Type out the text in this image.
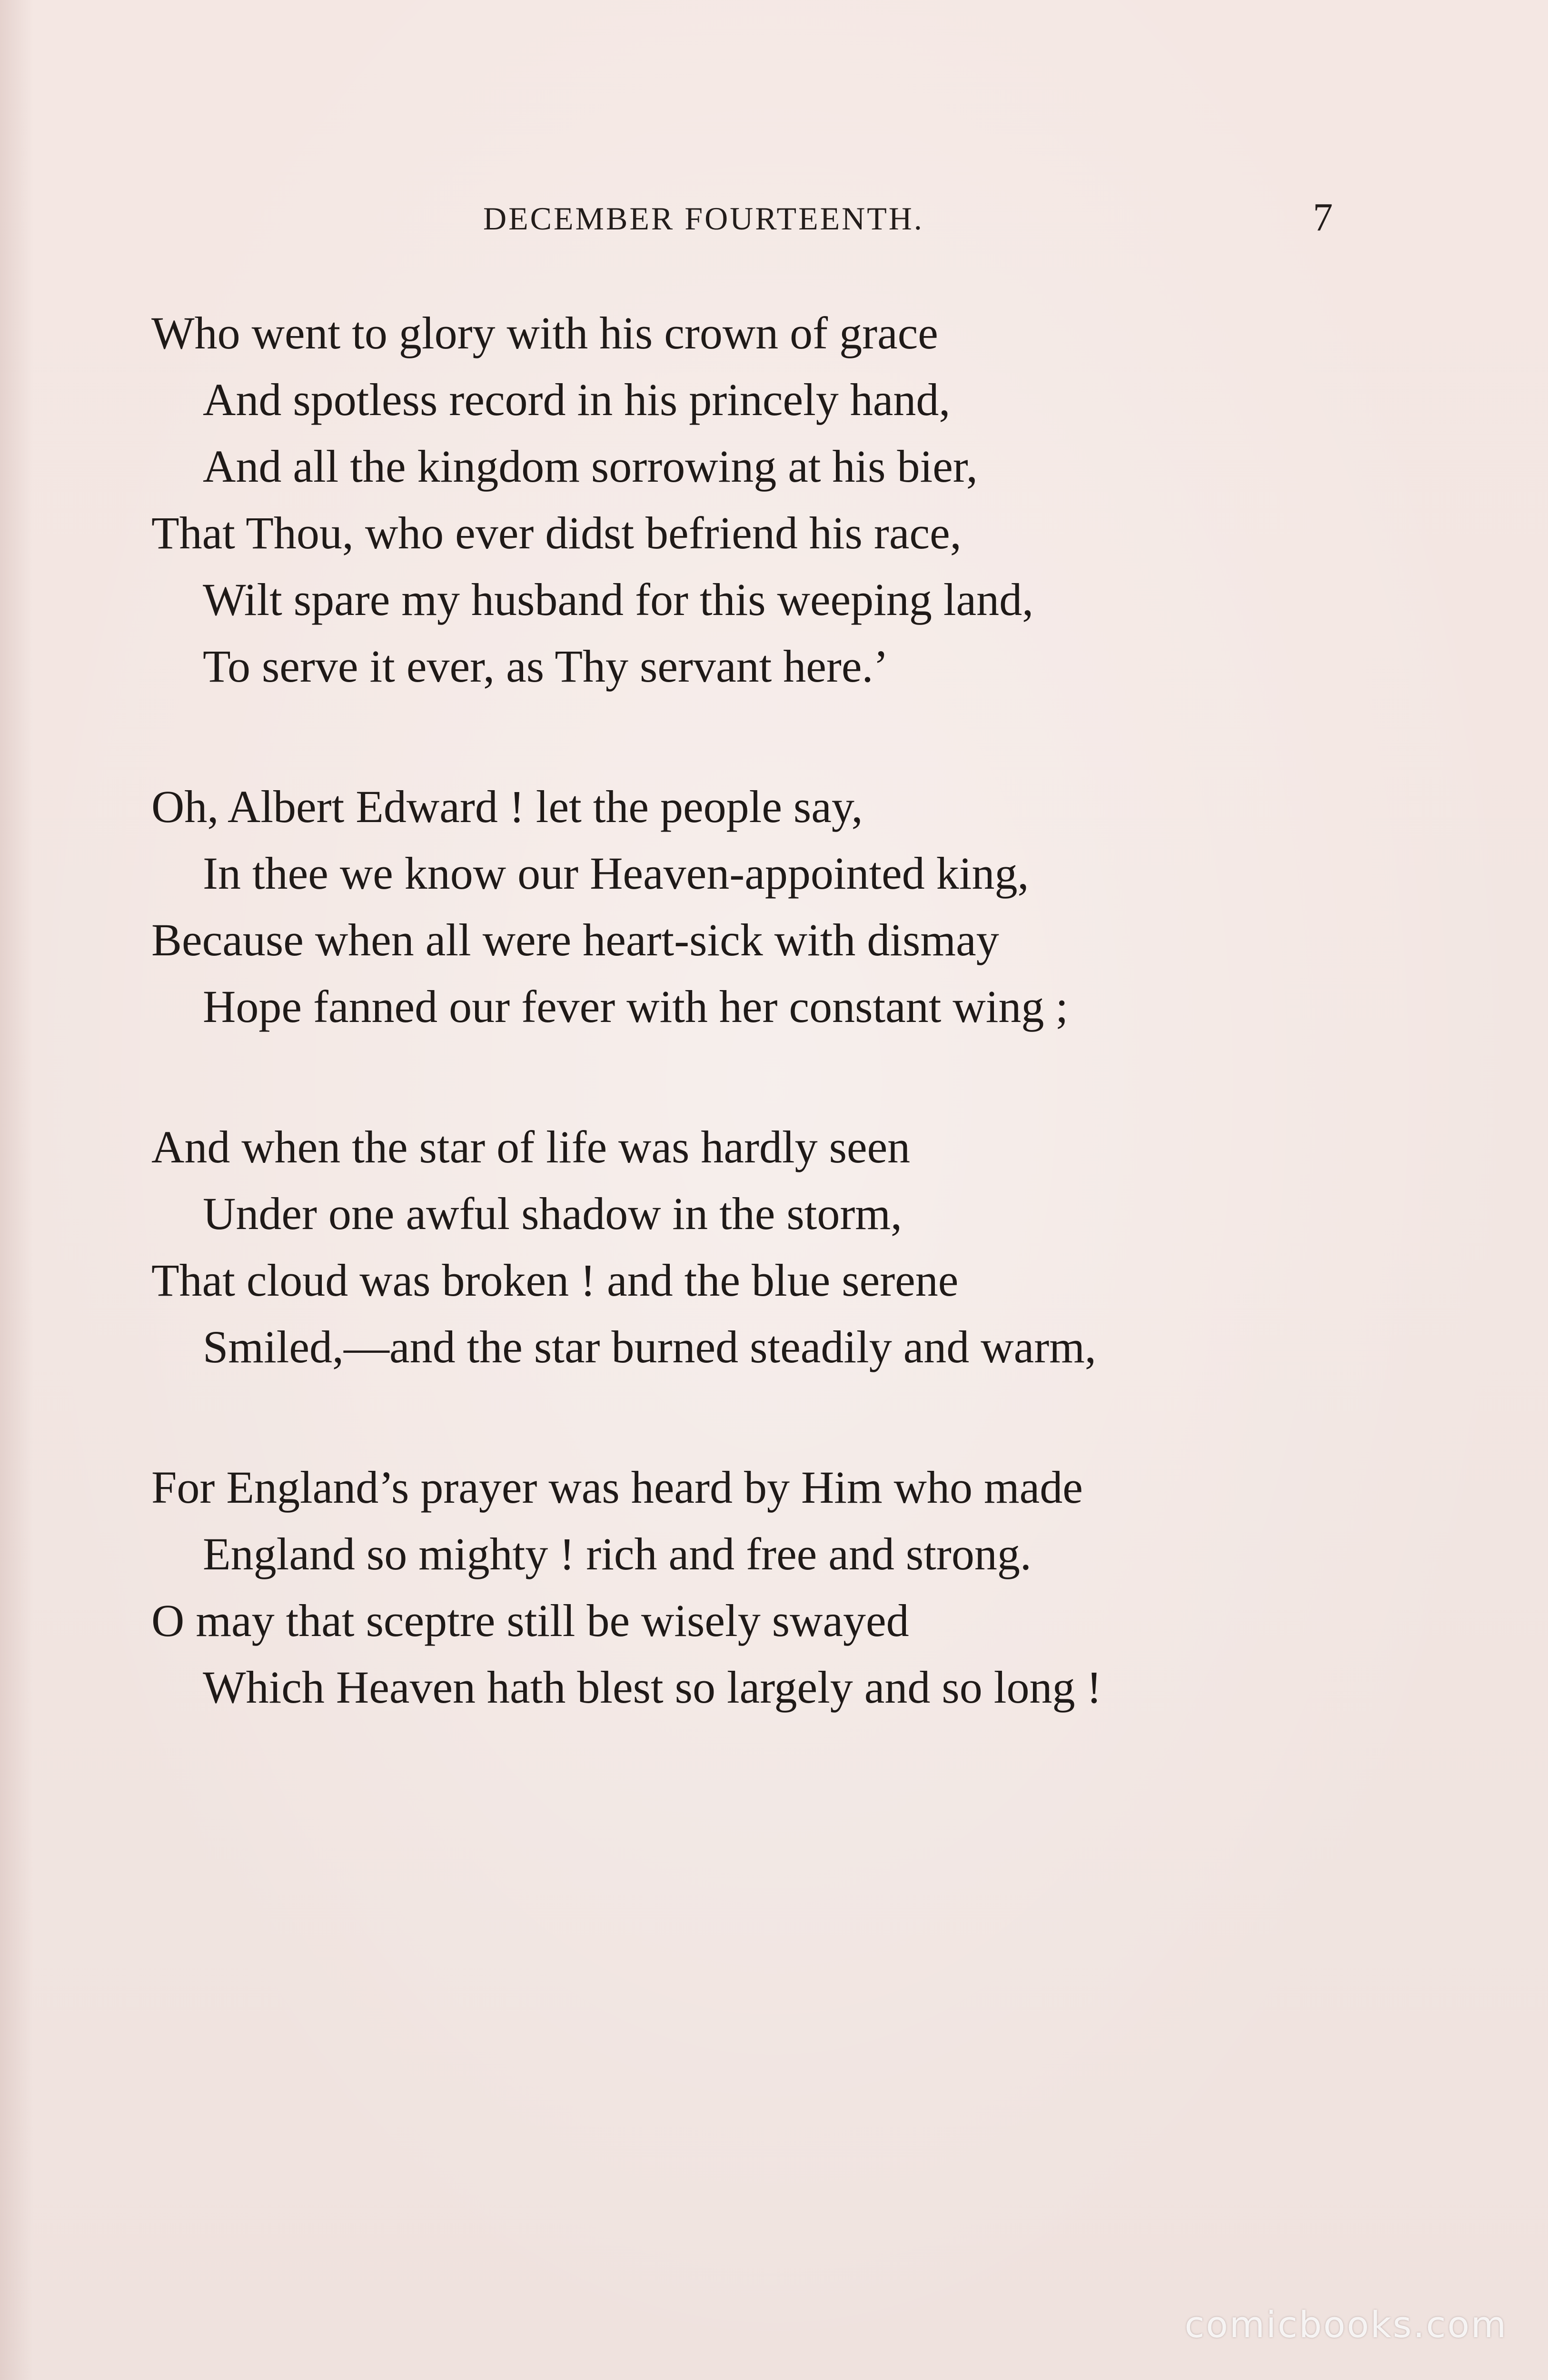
DECEMBER FOURTEENTH.	7
Who went to glory with his crown of grace
And spotless record in his princely hand,
And all the kingdom sorrowing at his bier,
That Thou, who ever didst befriend his race,
Wilt spare my husband for this weeping land,
To serve it ever, as Thy servant here.’
Oh, Albert Edward ! let the people say,
In thee we know our Heaven-appointed king,
Because when all were heart-sick with dismay
Hope fanned our fever with her constant wing ;
And when the star of life was hardly seen
Under one awful shadow in the storm,
That cloud was broken ! and the blue serene
Smiled,—and the star burned steadily and warm,
For England’s prayer was heard by Him who made
England so mighty ! rich and free and strong.
O may that sceptre still be wisely swayed
Which Heaven hath blest so largely and so long !
comicbooks.com
